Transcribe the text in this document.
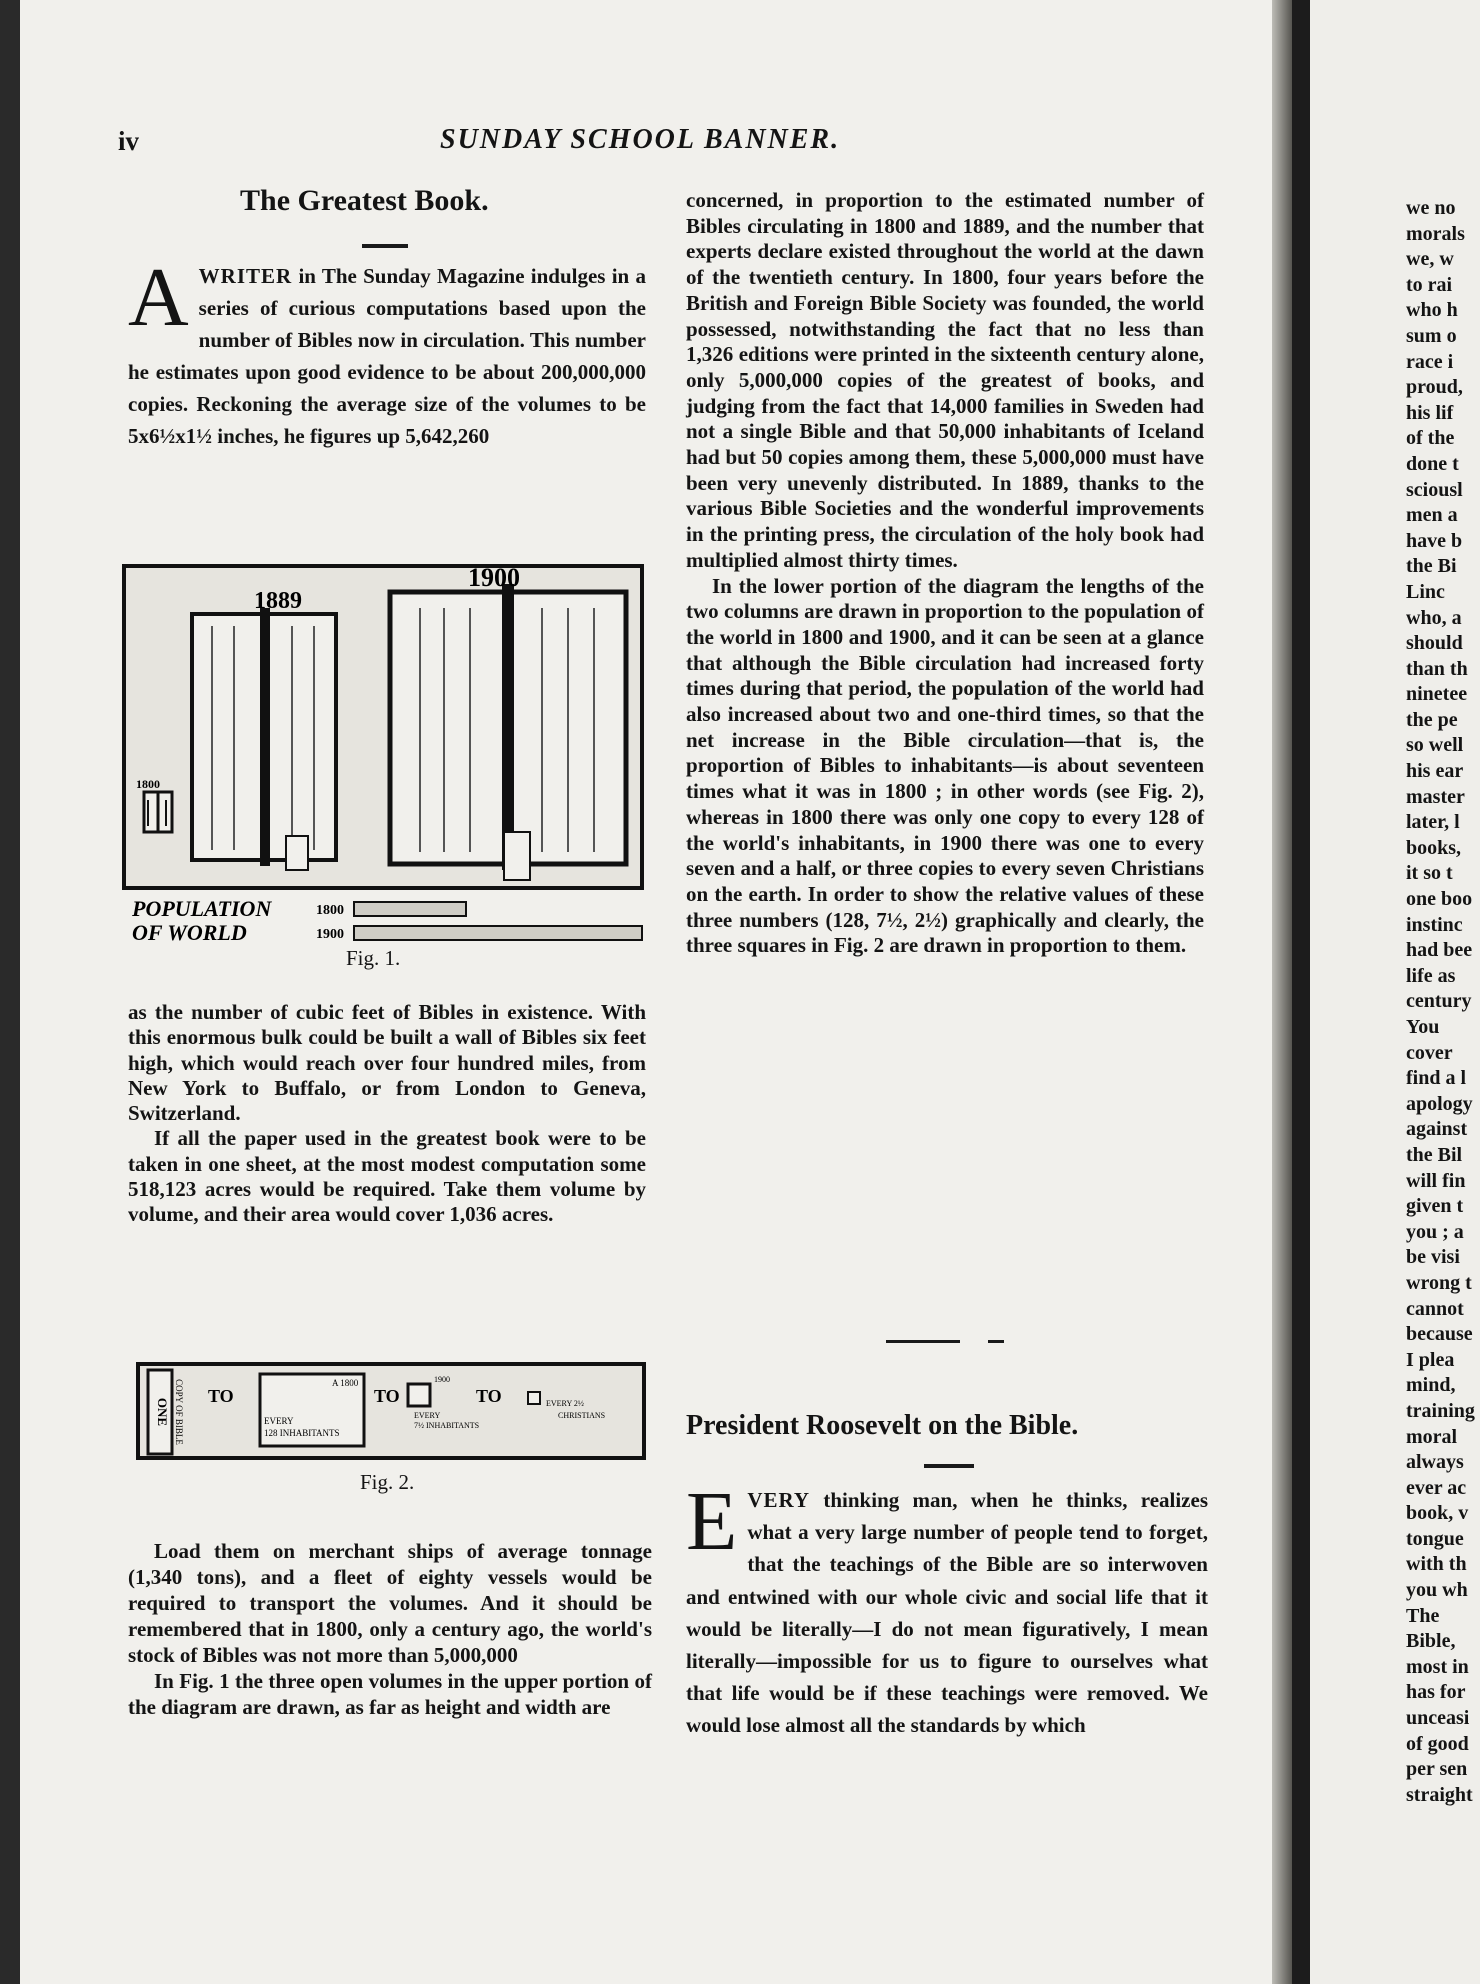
we no
morals
we, w
to rai
who h
sum o
race i
proud,
his lif
of the
done t
sciousl
men a
have b
the Bi
Linc
who, a
should
than th
ninetee
the pe
so well
his ear
master
later, l
books,
it so t
one boo
instinc
had bee
life as
century
You
cover
find a l
apology
against
the Bil
will fin
given t
you ; a
be visi
wrong t
cannot
because
I plea
mind,
training
moral
always
ever ac
book, v
tongue
with th
you wh
The
Bible,
most in
has for
unceasi
of good
per sen
straight
iv	SUNDAY SCHOOL BANNER.
The Greatest Book.

AWRITER in The Sunday Magazine indulges in a series of curious computations based upon the number of Bibles now in circulation. This number he estimates upon good evidence to be about 200,000,000 copies. Reckoning the average size of the volumes to be 5x6½x1½ inches, he figures up 5,642,260

1889
1900
1800
POPULATION
OF WORLD
1800
1900
Fig. 1.

as the number of cubic feet of Bibles in existence. With this enormous bulk could be built a wall of Bibles six feet high, which would reach over four hundred miles, from New York to Buffalo, or from London to Geneva, Switzerland.

If all the paper used in the greatest book were to be taken in one sheet, at the most modest computation some 518,123 acres would be required. Take them volume by volume, and their area would cover 1,036 acres.

ONE COPY OF BIBLE TO
A 1800
EVERY
128 INHABITANTS
TO
1900
EVERY
7½ INHABITANTS
TO	EVERY 2½
CHRISTIANS
Fig. 2.

Load them on merchant ships of average tonnage (1,340 tons), and a fleet of eighty vessels would be required to transport the volumes. And it should be remembered that in 1800, only a century ago, the world's stock of Bibles was not more than 5,000,000

In Fig. 1 the three open volumes in the upper portion of the diagram are drawn, as far as height and width are

concerned, in proportion to the estimated number of Bibles circulating in 1800 and 1889, and the number that experts declare existed throughout the world at the dawn of the twentieth century. In 1800, four years before the British and Foreign Bible Society was founded, the world possessed, notwithstanding the fact that no less than 1,326 editions were printed in the sixteenth century alone, only 5,000,000 copies of the greatest of books, and judging from the fact that 14,000 families in Sweden had not a single Bible and that 50,000 inhabitants of Iceland had but 50 copies among them, these 5,000,000 must have been very unevenly distributed. In 1889, thanks to the various Bible Societies and the wonderful improvements in the printing press, the circulation of the holy book had multiplied almost thirty times.

In the lower portion of the diagram the lengths of the two columns are drawn in proportion to the population of the world in 1800 and 1900, and it can be seen at a glance that although the Bible circulation had increased forty times during that period, the population of the world had also increased about two and one-third times, so that the net increase in the Bible circulation—that is, the proportion of Bibles to inhabitants—is about seventeen times what it was in 1800 ; in other words (see Fig. 2), whereas in 1800 there was only one copy to every 128 of the world's inhabitants, in 1900 there was one to every seven and a half, or three copies to every seven Christians on the earth. In order to show the relative values of these three numbers (128, 7½, 2½) graphically and clearly, the three squares in Fig. 2 are drawn in proportion to them.

President Roosevelt on the Bible.

EVERY thinking man, when he thinks, realizes what a very large number of people tend to forget, that the teachings of the Bible are so interwoven and entwined with our whole civic and social life that it would be literally—I do not mean figuratively, I mean literally—impossible for us to figure to ourselves what that life would be if these teachings were removed. We would lose almost all the standards by which
